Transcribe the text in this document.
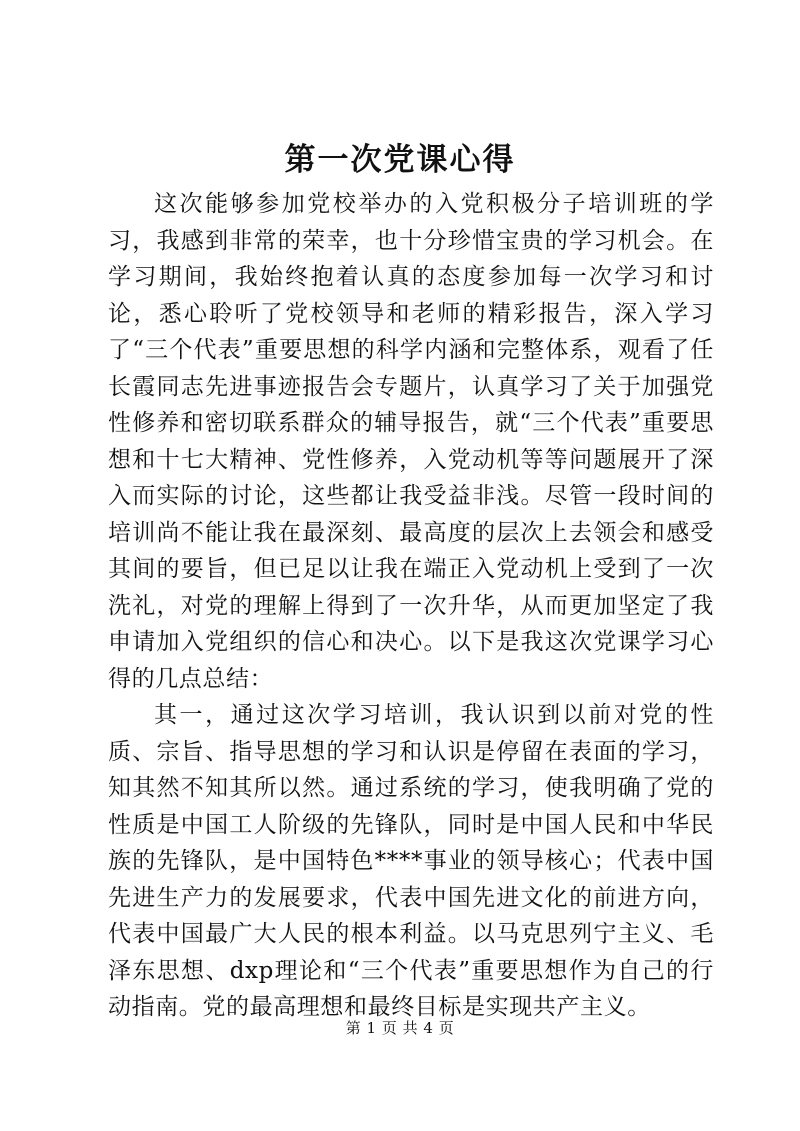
第一次党课心得

这次能够参加党校举办的入党积极分子培训班的学习，我感到非常的荣幸，也十分珍惜宝贵的学习机会。在学习期间，我始终抱着认真的态度参加每一次学习和讨论，悉心聆听了党校领导和老师的精彩报告，深入学习了“三个代表”重要思想的科学内涵和完整体系，观看了任长霞同志先进事迹报告会专题片，认真学习了关于加强党性修养和密切联系群众的辅导报告，就“三个代表”重要思想和十七大精神、党性修养，入党动机等等问题展开了深入而实际的讨论，这些都让我受益非浅。尽管一段时间的培训尚不能让我在最深刻、最高度的层次上去领会和感受其间的要旨，但已足以让我在端正入党动机上受到了一次洗礼，对党的理解上得到了一次升华，从而更加坚定了我申请加入党组织的信心和决心。以下是我这次党课学习心得的几点总结：

其一，通过这次学习培训，我认识到以前对党的性质、宗旨、指导思想的学习和认识是停留在表面的学习，知其然不知其所以然。通过系统的学习，使我明确了党的性质是中国工人阶级的先锋队，同时是中国人民和中华民族的先锋队，是中国特色****事业的领导核心；代表中国先进生产力的发展要求，代表中国先进文化的前进方向，代表中国最广大人民的根本利益。以马克思列宁主义、毛泽东思想、dxp理论和“三个代表”重要思想作为自己的行动指南。党的最高理想和最终目标是实现共产主义。

第 1 页 共 4 页
